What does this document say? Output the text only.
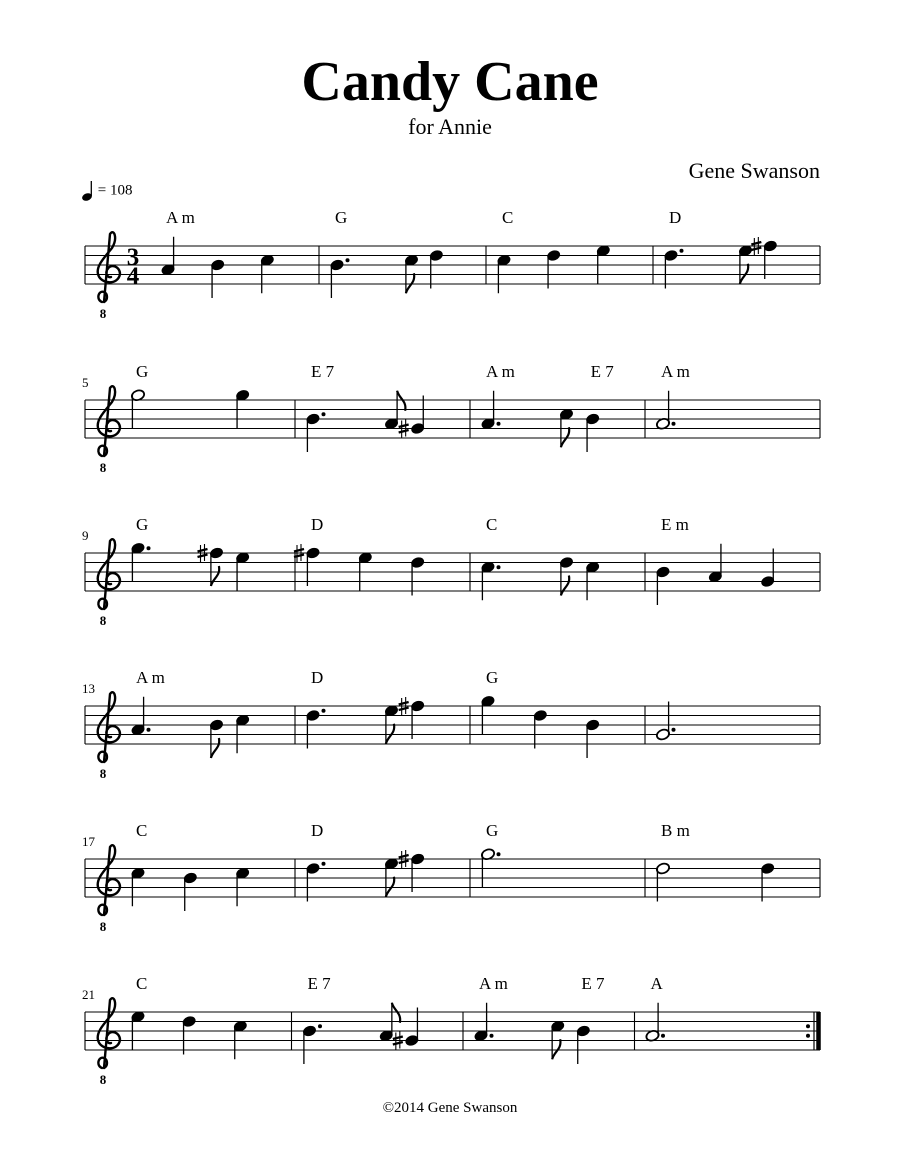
Candy Cane
for Annie
Gene Swanson
= 108
8
3
4
A m	G	C	D
8
5
G	E 7	A m	E 7	A m
8
9
G	D	C	E m
8
13
A m	D	G
8
17
C	D	G	B m
8
21
C	E 7	A m	E 7	A
©2014 Gene Swanson
